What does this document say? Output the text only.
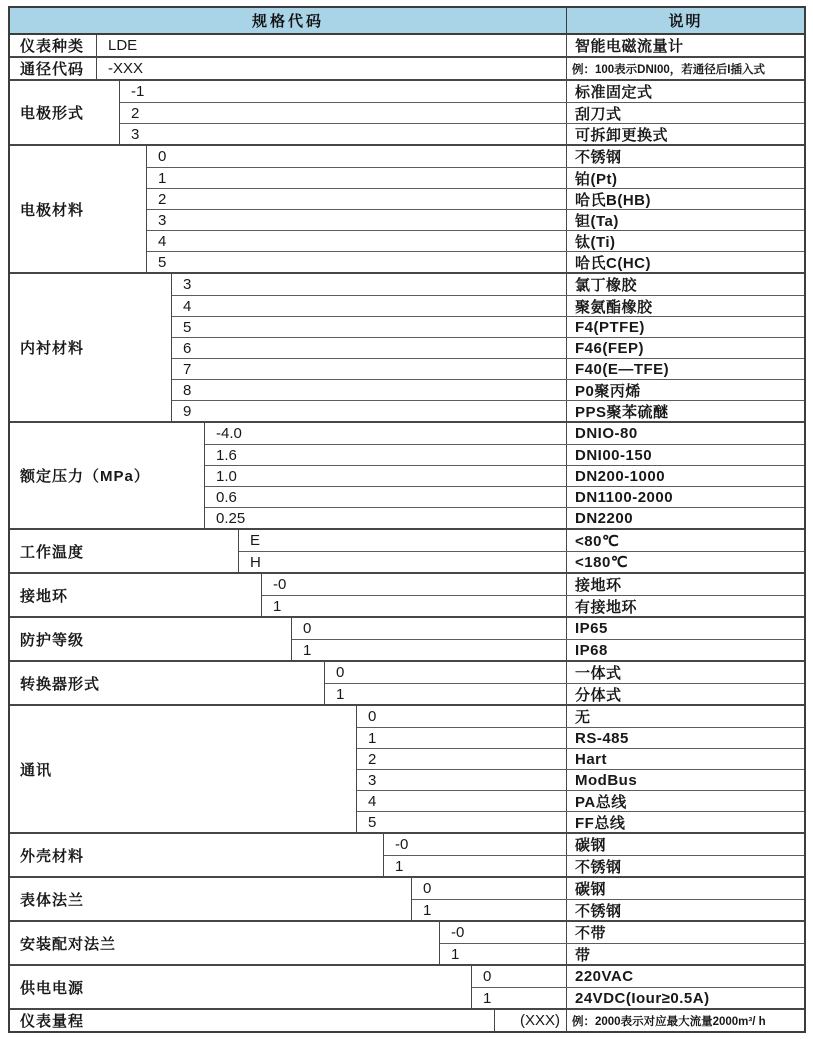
规格代码	说明
仪表种类	LDE	智能电磁流量计
通径代码	-XXX	例：100表示DNI00，若通径后I插入式
电极形式
-1	标准固定式
2	刮刀式
3	可拆卸更换式
电极材料
0	不锈钢
1	铂(Pt)
2	哈氏B(HB)
3	钽(Ta)
4	钛(Ti)
5	哈氏C(HC)
内衬材料
3	氯丁橡胶
4	聚氨酯橡胶
5	F4(PTFE)
6	F46(FEP)
7	F40(E—TFE)
8	P0聚丙烯
9	PPS聚苯硫醚
额定压力（MPa）
-4.0	DNIO-80
1.6	DNI00-150
1.0	DN200-1000
0.6	DN1100-2000
0.25	DN2200
工作温度
E	<80℃
H	<180℃
接地环
-0	接地环
1	有接地环
防护等级
0	IP65
1	IP68
转换器形式
0	一体式
1	分体式
通讯
0	无
1	RS-485
2	Hart
3	ModBus
4	PA总线
5	FF总线
外壳材料
-0	碳钢
1	不锈钢
表体法兰
0	碳钢
1	不锈钢
安装配对法兰
-0	不带
1	带
供电电源
0	220VAC
1	24VDC(Iour≥0.5A)
仪表量程	(XXX)	例：2000表示对应最大流量2000m³/ h
